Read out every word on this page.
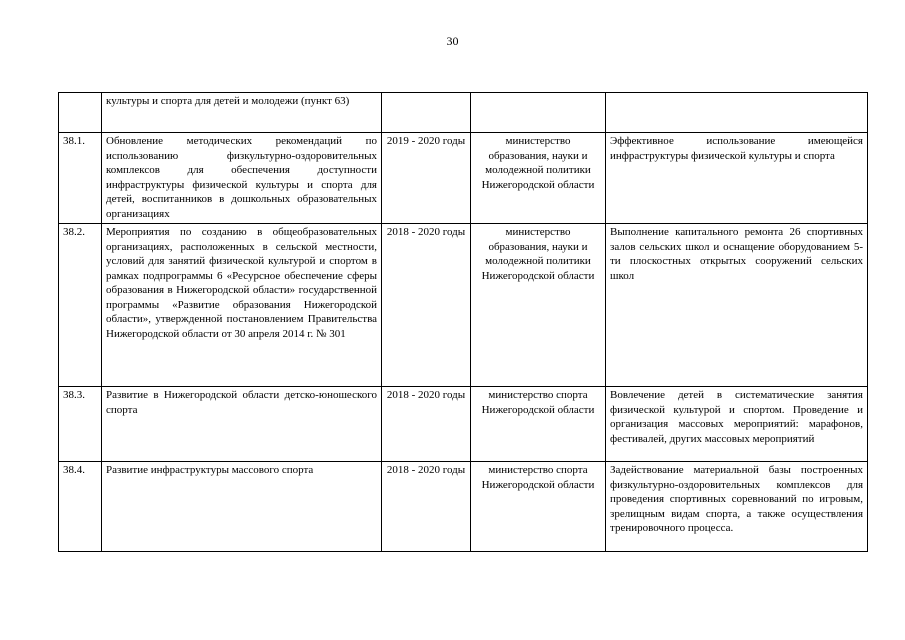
30
	культуры и спорта для детей и молодежи (пункт 63)			
38.1.	Обновление методических рекомендаций по использованию физкультурно-оздоровительных комплексов для обеспечения доступности инфраструктуры физической культуры и спорта для детей, воспитанников в дошкольных образовательных организациях	2019 - 2020 годы	министерство образования, науки и молодежной политики Нижегородской области	Эффективное использование имеющейся инфраструктуры физической культуры и спорта
38.2.	Мероприятия по созданию в общеобразовательных организациях, расположенных в сельской местности, условий для занятий физической культурой и спортом в рамках подпрограммы 6 «Ресурсное обеспечение сферы образования в Нижегородской области» государственной программы «Развитие образования Нижегородской области», утвержденной постановлением Правительства Нижегородской области от 30 апреля 2014 г. № 301	2018 - 2020 годы	министерство образования, науки и молодежной политики Нижегородской области	Выполнение капитального ремонта 26 спортивных залов сельских школ и оснащение оборудованием 5-ти плоскостных открытых сооружений сельских школ
38.3.	Развитие в Нижегородской области детско-юношеского спорта	2018 - 2020 годы	министерство спорта Нижегородской области	Вовлечение детей в систематические занятия физической культурой и спортом. Проведение и организация массовых мероприятий: марафонов, фестивалей, других массовых мероприятий
38.4.	Развитие инфраструктуры массового спорта	2018 - 2020 годы	министерство спорта Нижегородской области	Задействование материальной базы построенных физкультурно-оздоровительных комплексов для проведения спортивных соревнований по игровым, зрелищным видам спорта, а также осуществления тренировочного процесса.
